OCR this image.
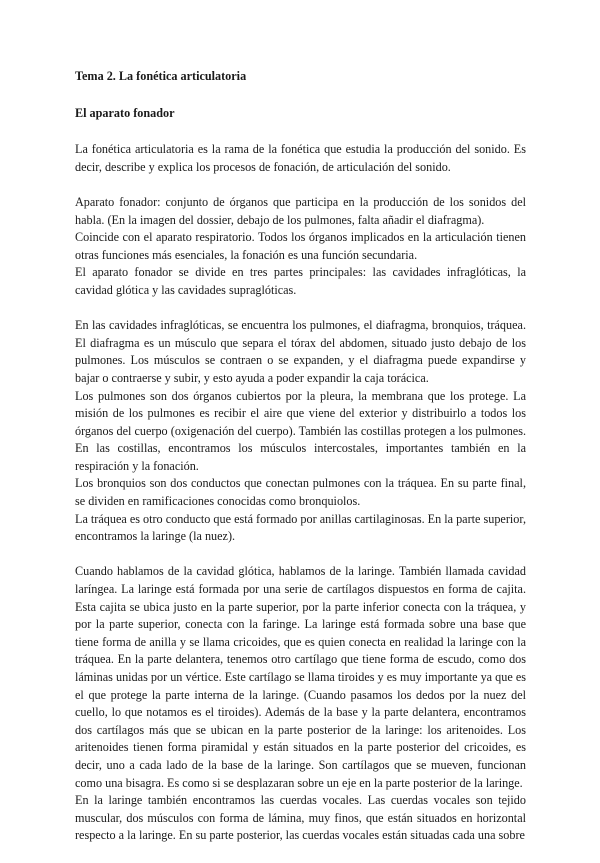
Tema 2. La fonética articulatoria
El aparato fonador

La fonética articulatoria es la rama de la fonética que estudia la producción del sonido. Es decir, describe y explica los procesos de fonación, de articulación del sonido.

Aparato fonador: conjunto de órganos que participa en la producción de los sonidos del habla. (En la imagen del dossier, debajo de los pulmones, falta añadir el diafragma).

Coincide con el aparato respiratorio. Todos los órganos implicados en la articulación tienen otras funciones más esenciales, la fonación es una función secundaria.

El aparato fonador se divide en tres partes principales: las cavidades infraglóticas, la cavidad glótica y las cavidades supraglóticas.

En las cavidades infraglóticas, se encuentra los pulmones, el diafragma, bronquios, tráquea. El diafragma es un músculo que separa el tórax del abdomen, situado justo debajo de los pulmones. Los músculos se contraen o se expanden, y el diafragma puede expandirse y bajar o contraerse y subir, y esto ayuda a poder expandir la caja torácica.

Los pulmones son dos órganos cubiertos por la pleura, la membrana que los protege. La misión de los pulmones es recibir el aire que viene del exterior y distribuirlo a todos los órganos del cuerpo (oxigenación del cuerpo). También las costillas protegen a los pulmones. En las costillas, encontramos los músculos intercostales, importantes también en la respiración y la fonación.

Los bronquios son dos conductos que conectan pulmones con la tráquea. En su parte final, se dividen en ramificaciones conocidas como bronquiolos.

La tráquea es otro conducto que está formado por anillas cartilaginosas. En la parte superior, encontramos la laringe (la nuez).

Cuando hablamos de la cavidad glótica, hablamos de la laringe. También llamada cavidad laríngea. La laringe está formada por una serie de cartílagos dispuestos en forma de cajita. Esta cajita se ubica justo en la parte superior, por la parte inferior conecta con la tráquea, y por la parte superior, conecta con la faringe. La laringe está formada sobre una base que tiene forma de anilla y se llama cricoides, que es quien conecta en realidad la laringe con la tráquea. En la parte delantera, tenemos otro cartílago que tiene forma de escudo, como dos láminas unidas por un vértice. Este cartílago se llama tiroides y es muy importante ya que es el que protege la parte interna de la laringe. (Cuando pasamos los dedos por la nuez del cuello, lo que notamos es el tiroides). Además de la base y la parte delantera, encontramos dos cartílagos más que se ubican en la parte posterior de la laringe: los aritenoides. Los aritenoides tienen forma piramidal y están situados en la parte posterior del cricoides, es decir, uno a cada lado de la base de la laringe. Son cartílagos que se mueven, funcionan como una bisagra. Es como si se desplazaran sobre un eje en la parte posterior de la laringe.

En la laringe también encontramos las cuerdas vocales. Las cuerdas vocales son tejido muscular, dos músculos con forma de lámina, muy finos, que están situados en horizontal respecto a la laringe. En su parte posterior, las cuerdas vocales están situadas cada una sobre
